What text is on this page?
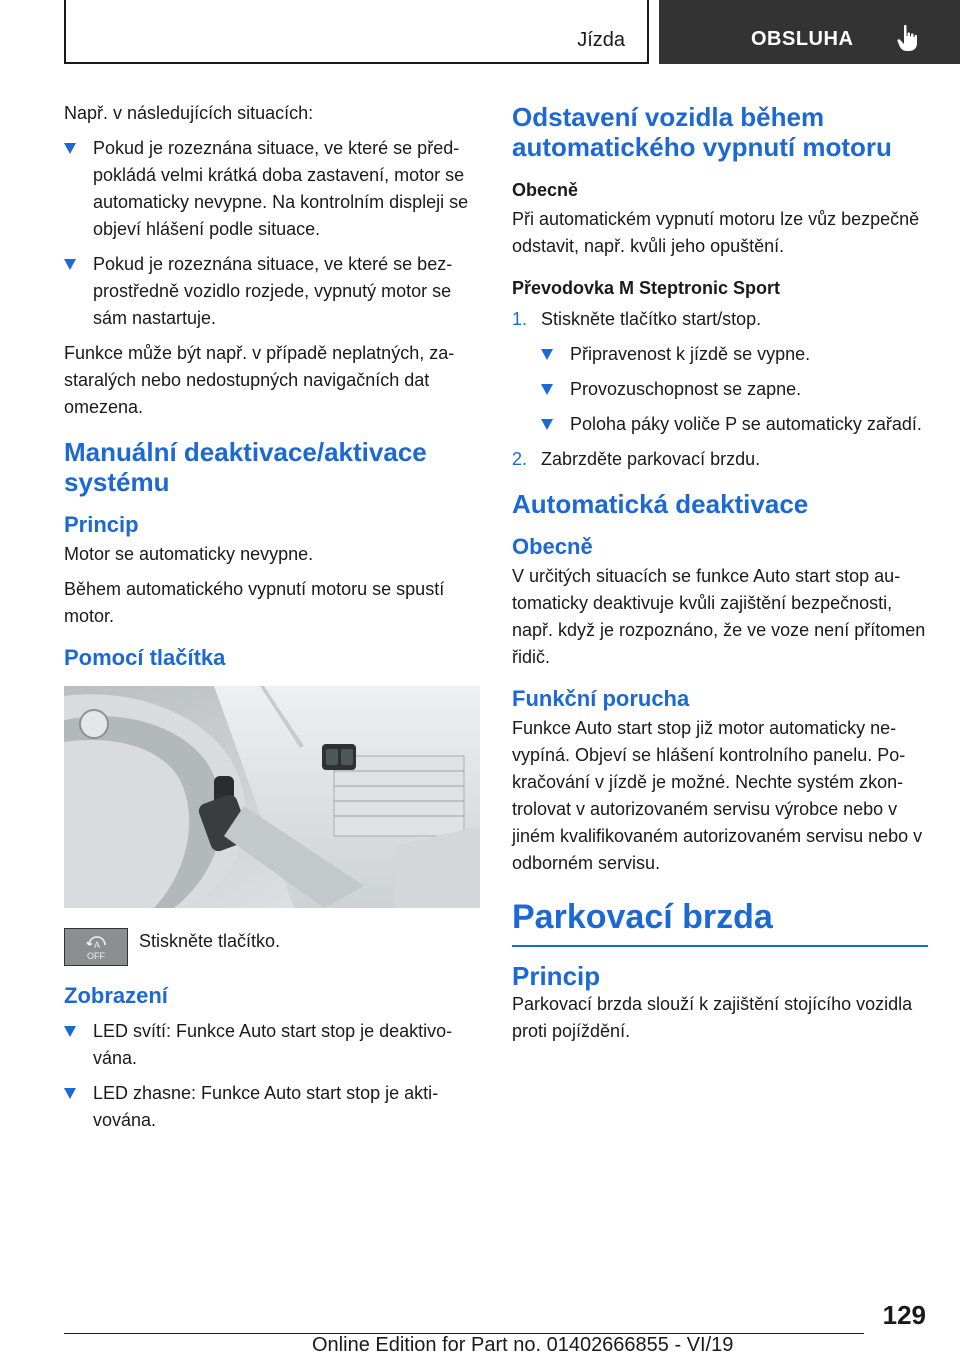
Jízda	OBSLUHA

Např. v následujících situacích:

Pokud je rozeznána situace, ve které se předpokládá velmi krátká doba zastavení, motor se automaticky nevypne. Na kontrolním displeji se objeví hlášení podle situace.
Pokud je rozeznána situace, ve které se bezprostředně vozidlo rozjede, vypnutý motor se sám nastartuje.

Funkce může být např. v případě neplatných, zastaralých nebo nedostupných navigačních dat omezena.

Manuální deaktivace/aktivace systému
Princip

Motor se automaticky nevypne.

Během automatického vypnutí motoru se spustí motor.

Pomocí tlačítka
A
OFF
Stiskněte tlačítko.
Zobrazení
LED svítí: Funkce Auto start stop je deaktivována.
LED zhasne: Funkce Auto start stop je aktivována.
Odstavení vozidla během automatického vypnutí motoru
Obecně

Při automatickém vypnutí motoru lze vůz bezpečně odstavit, např. kvůli jeho opuštění.

Převodovka M Steptronic Sport
1. Stiskněte tlačítko start/stop.
Připravenost k jízdě se vypne.
Provozuschopnost se zapne.
Poloha páky voliče P se automaticky zařadí.
2. Zabrzděte parkovací brzdu.
Automatická deaktivace
Obecně

V určitých situacích se funkce Auto start stop automaticky deaktivuje kvůli zajištění bezpečnosti, např. když je rozpoznáno, že ve voze není přítomen řidič.

Funkční porucha

Funkce Auto start stop již motor automaticky nevypíná. Objeví se hlášení kontrolního panelu. Pokračování v jízdě je možné. Nechte systém zkontrolovat v autorizovaném servisu výrobce nebo v jiném kvalifikovaném autorizovaném servisu nebo v odborném servisu.

Parkovací brzda
Princip

Parkovací brzda slouží k zajištění stojícího vozidla proti pojíždění.

129
Online Edition for Part no. 01402666855 - VI/19
